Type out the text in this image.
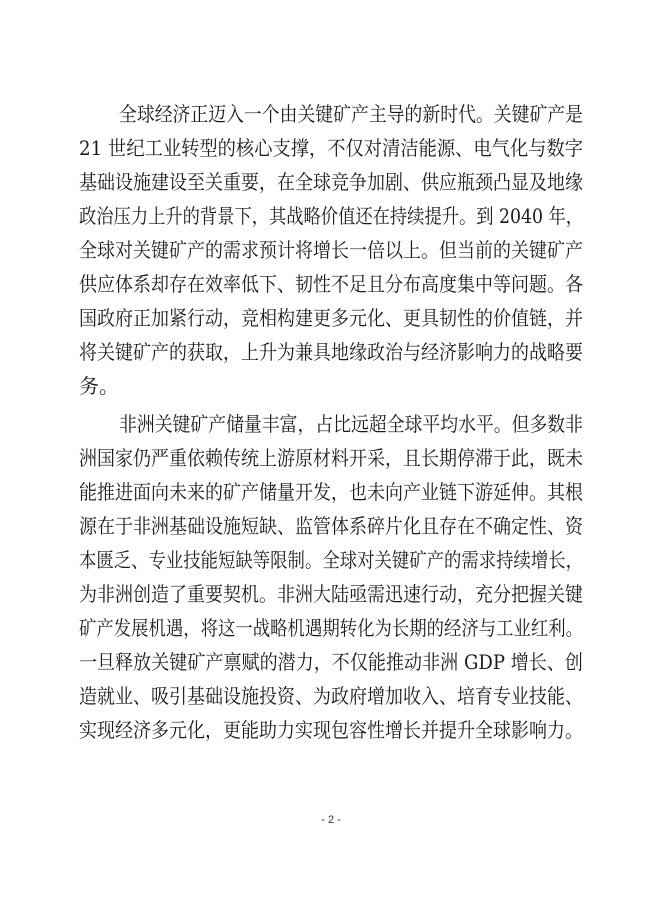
全球经济正迈入一个由关键矿产主导的新时代。关键矿产是
21 世纪工业转型的核心支撑，不仅对清洁能源、电气化与数字
基础设施建设至关重要，在全球竞争加剧、供应瓶颈凸显及地缘
政治压力上升的背景下，其战略价值还在持续提升。到 2040 年，
全球对关键矿产的需求预计将增长一倍以上。但当前的关键矿产
供应体系却存在效率低下、韧性不足且分布高度集中等问题。各
国政府正加紧行动，竞相构建更多元化、更具韧性的价值链，并
将关键矿产的获取，上升为兼具地缘政治与经济影响力的战略要
务。
非洲关键矿产储量丰富，占比远超全球平均水平。但多数非
洲国家仍严重依赖传统上游原材料开采，且长期停滞于此，既未
能推进面向未来的矿产储量开发，也未向产业链下游延伸。其根
源在于非洲基础设施短缺、监管体系碎片化且存在不确定性、资
本匮乏、专业技能短缺等限制。全球对关键矿产的需求持续增长，
为非洲创造了重要契机。非洲大陆亟需迅速行动，充分把握关键
矿产发展机遇，将这一战略机遇期转化为长期的经济与工业红利。
一旦释放关键矿产禀赋的潜力，不仅能推动非洲 GDP 增长、创
造就业、吸引基础设施投资、为政府增加收入、培育专业技能、
实现经济多元化，更能助力实现包容性增长并提升全球影响力。
- 2 -
